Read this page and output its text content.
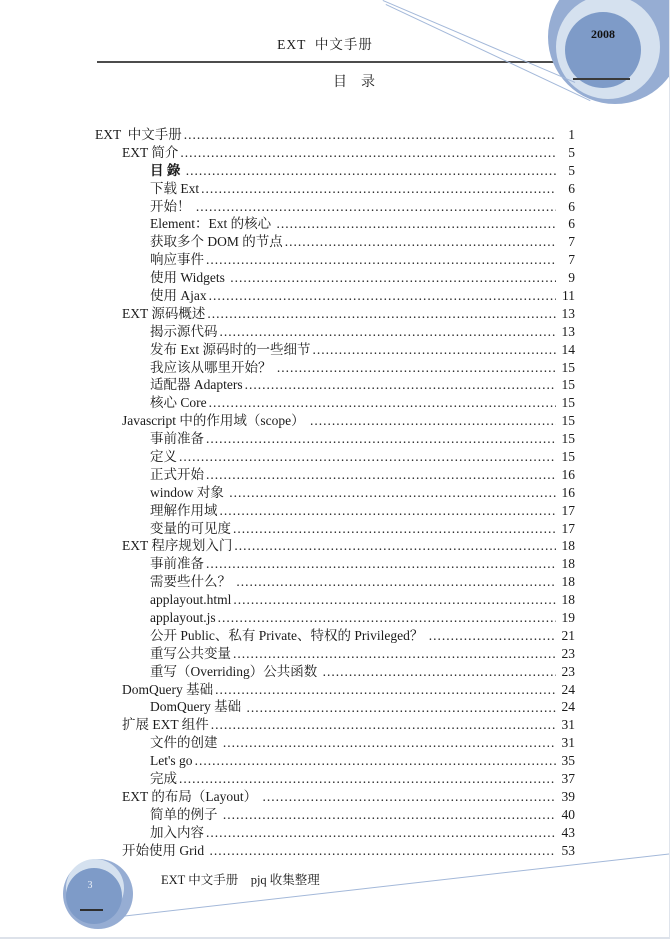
2008
EXT  中文手册
目    录
EXT  中文手册 .....	1
EXT 简介 .....	5
目 錄 .....	5
下载 Ext .....	6
开始！ .....	6
Element：Ext 的核心 .....	6
获取多个 DOM 的节点 .....	7
响应事件 .....	7
使用 Widgets .....	9
使用 Ajax .....	11
EXT 源码概述 .....	13
揭示源代码 .....	13
发布 Ext 源码时的一些细节 .....	14
我应该从哪里开始？ .....	15
适配器 Adapters .....	15
核心 Core .....	15
Javascript 中的作用域（scope） .....	15
事前准备 .....	15
定义 .....	15
正式开始 .....	16
window 对象 .....	16
理解作用域 .....	17
变量的可见度 .....	17
EXT 程序规划入门 .....	18
事前准备 .....	18
需要些什么？ .....	18
applayout.html .....	18
applayout.js .....	19
公开 Public、私有 Private、特权的 Privileged？ .....	21
重写公共变量 .....	23
重写（Overriding）公共函数 .....	23
DomQuery 基础 .....	24
DomQuery 基础 .....	24
扩展 EXT 组件 .....	31
文件的创建 .....	31
Let's go .....	35
完成 .....	37
EXT 的布局（Layout） .....	39
简单的例子 .....	40
加入内容 .....	43
开始使用 Grid .....	53
3	EXT 中文手册    pjq 收集整理
